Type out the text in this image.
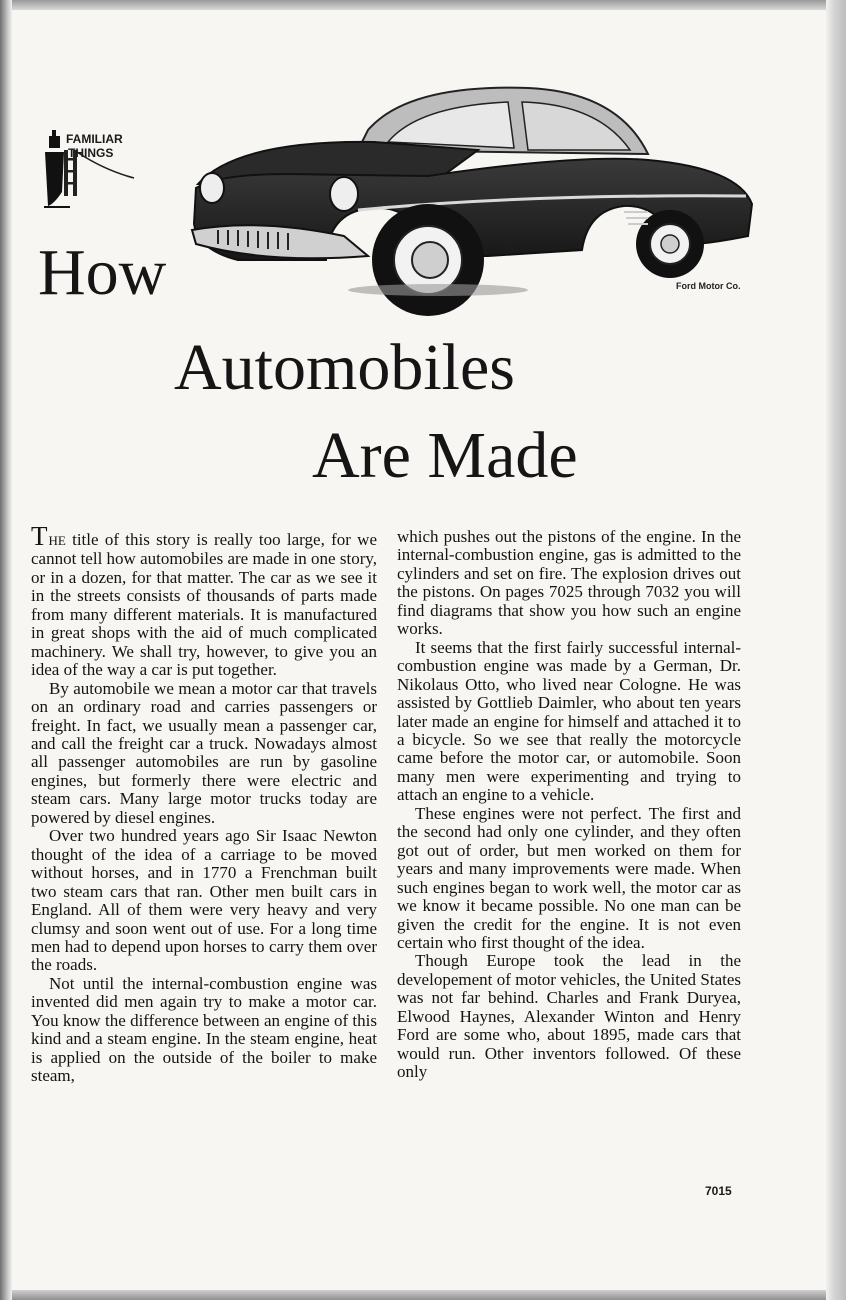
FAMILIAR
THINGS
Ford Motor Co.
How
Automobiles
Are Made

THE title of this story is really too large, for we cannot tell how automobiles are made in one story, or in a dozen, for that matter. The car as we see it in the streets consists of thousands of parts made from many different materials. It is manufactured in great shops with the aid of much complicated machinery. We shall try, however, to give you an idea of the way a car is put together.

By automobile we mean a motor car that travels on an ordinary road and carries passengers or freight. In fact, we usually mean a passenger car, and call the freight car a truck. Nowadays almost all passenger automobiles are run by gasoline engines, but formerly there were electric and steam cars. Many large motor trucks today are powered by diesel engines.

Over two hundred years ago Sir Isaac Newton thought of the idea of a carriage to be moved without horses, and in 1770 a Frenchman built two steam cars that ran. Other men built cars in England. All of them were very heavy and very clumsy and soon went out of use. For a long time men had to depend upon horses to carry them over the roads.

Not until the internal-combustion engine was invented did men again try to make a motor car. You know the difference between an engine of this kind and a steam engine. In the steam engine, heat is applied on the outside of the boiler to make steam,

which pushes out the pistons of the engine. In the internal-combustion engine, gas is admitted to the cylinders and set on fire. The explosion drives out the pistons. On pages 7025 through 7032 you will find diagrams that show you how such an engine works.

It seems that the first fairly successful internal-combustion engine was made by a German, Dr. Nikolaus Otto, who lived near Cologne. He was assisted by Gottlieb Daimler, who about ten years later made an engine for himself and attached it to a bicycle. So we see that really the motorcycle came before the motor car, or automobile. Soon many men were experimenting and trying to attach an engine to a vehicle.

These engines were not perfect. The first and the second had only one cylinder, and they often got out of order, but men worked on them for years and many improvements were made. When such engines began to work well, the motor car as we know it became possible. No one man can be given the credit for the engine. It is not even certain who first thought of the idea.

Though Europe took the lead in the developement of motor vehicles, the United States was not far behind. Charles and Frank Duryea, Elwood Haynes, Alexander Winton and Henry Ford are some who, about 1895, made cars that would run. Other inventors followed. Of these only

7015
